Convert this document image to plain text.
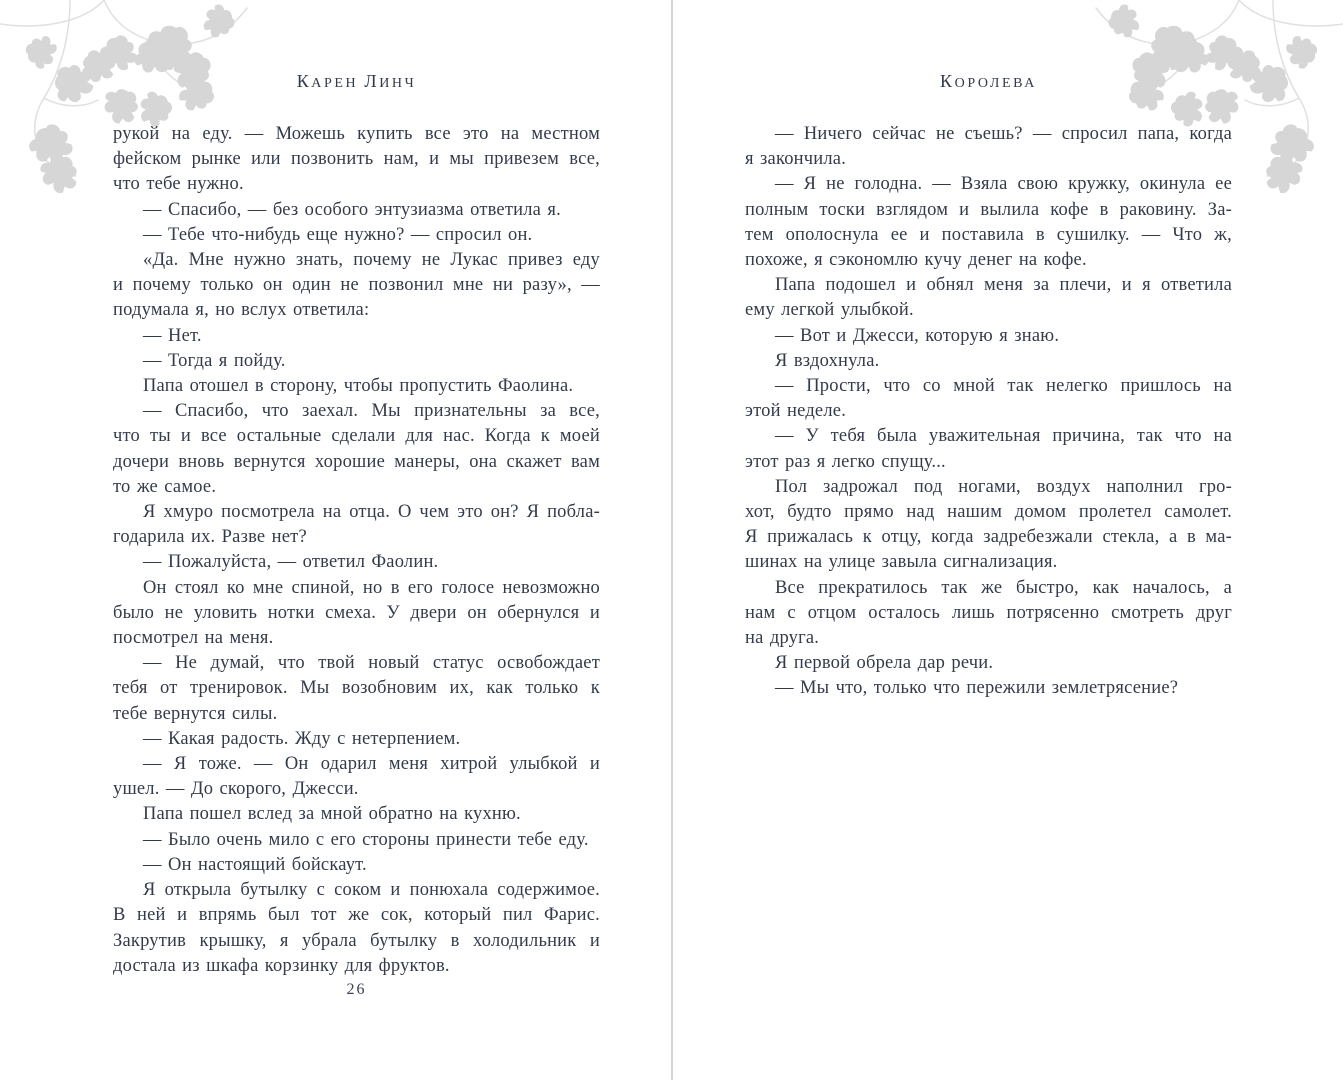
КАРЕН ЛИНЧ
рукой на еду. — Можешь купить все это на местном
фейском рынке или позвонить нам, и мы привезем все,
что тебе нужно.
— Спасибо, — без особого энтузиазма ответила я.
— Тебе что-нибудь еще нужно? — спросил он.
«Да. Мне нужно знать, почему не Лукас привез еду
и почему только он один не позвонил мне ни разу», —
подумала я, но вслух ответила:
— Нет.
— Тогда я пойду.
Папа отошел в сторону, чтобы пропустить Фаолина.
— Спасибо, что заехал. Мы признательны за все,
что ты и все остальные сделали для нас. Когда к моей
дочери вновь вернутся хорошие манеры, она скажет вам
то же самое.
Я хмуро посмотрела на отца. О чем это он? Я побла-
годарила их. Разве нет?
— Пожалуйста, — ответил Фаолин.
Он стоял ко мне спиной, но в его голосе невозможно
было не уловить нотки смеха. У двери он обернулся и
посмотрел на меня.
— Не думай, что твой новый статус освобождает
тебя от тренировок. Мы возобновим их, как только к
тебе вернутся силы.
— Какая радость. Жду с нетерпением.
— Я тоже. — Он одарил меня хитрой улыбкой и
ушел. — До скорого, Джесси.
Папа пошел вслед за мной обратно на кухню.
— Было очень мило с его стороны принести тебе еду.
— Он настоящий бойскаут.
Я открыла бутылку с соком и понюхала содержимое.
В ней и впрямь был тот же сок, который пил Фарис.
Закрутив крышку, я убрала бутылку в холодильник и
достала из шкафа корзинку для фруктов.
26
КОРОЛЕВА
— Ничего сейчас не съешь? — спросил папа, когда
я закончила.
— Я не голодна. — Взяла свою кружку, окинула ее
полным тоски взглядом и вылила кофе в раковину. За-
тем ополоснула ее и поставила в сушилку. — Что ж,
похоже, я сэкономлю кучу денег на кофе.
Папа подошел и обнял меня за плечи, и я ответила
ему легкой улыбкой.
— Вот и Джесси, которую я знаю.
Я вздохнула.
— Прости, что со мной так нелегко пришлось на
этой неделе.
— У тебя была уважительная причина, так что на
этот раз я легко спущу...
Пол задрожал под ногами, воздух наполнил гро-
хот, будто прямо над нашим домом пролетел самолет.
Я прижалась к отцу, когда задребезжали стекла, а в ма-
шинах на улице завыла сигнализация.
Все прекратилось так же быстро, как началось, а
нам с отцом осталось лишь потрясенно смотреть друг
на друга.
Я первой обрела дар речи.
— Мы что, только что пережили землетрясение?
